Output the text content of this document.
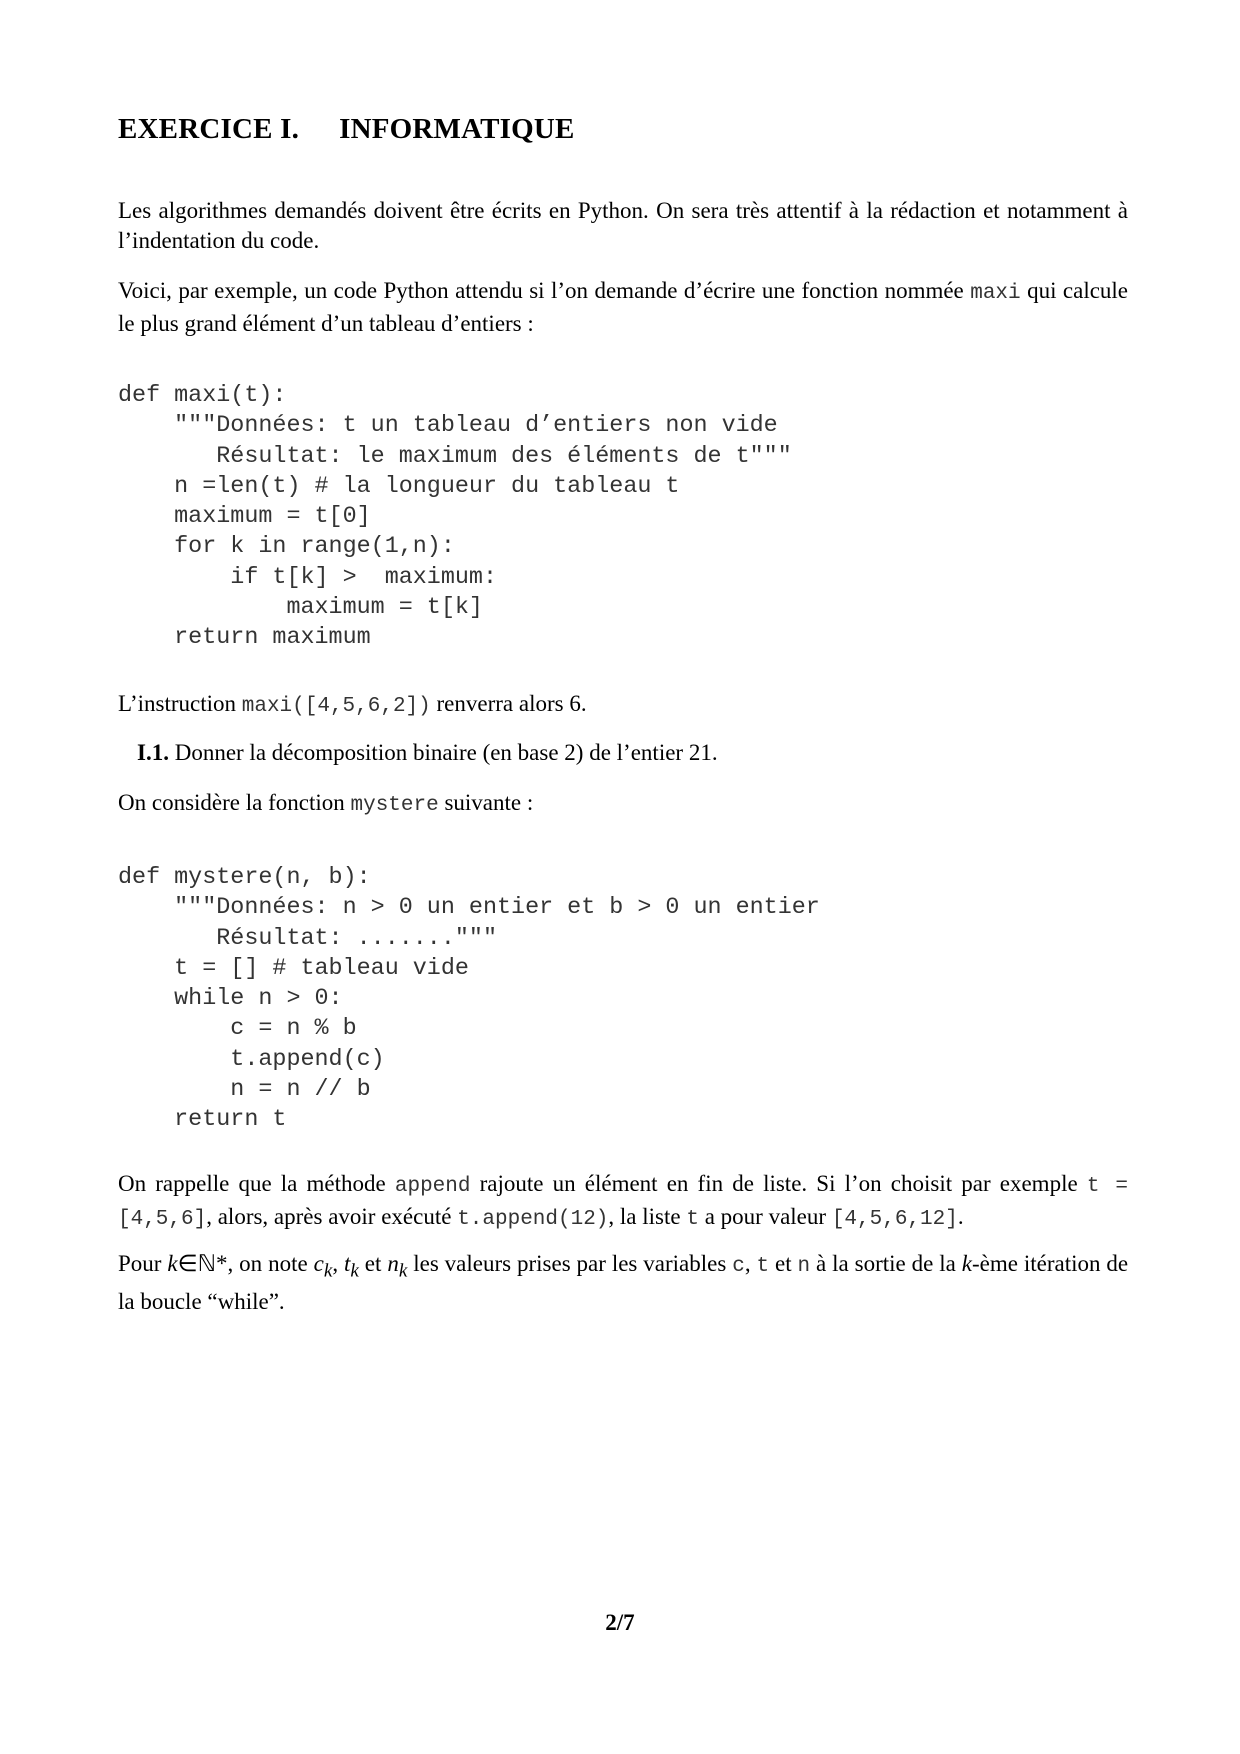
EXERCICE I. INFORMATIQUE

Les algorithmes demandés doivent être écrits en Python. On sera très attentif à la rédaction et notamment à l’indentation du code.

Voici, par exemple, un code Python attendu si l’on demande d’écrire une fonction nommée maxi qui calcule le plus grand élément d’un tableau d’entiers :

def maxi(t):
"""Données: t un tableau d’entiers non vide
Résultat: le maximum des éléments de t"""
n =len(t) # la longueur du tableau t
maximum = t[0]
for k in range(1,n):
if t[k] >  maximum:
maximum = t[k]
return maximum

L’instruction maxi([4,5,6,2]) renverra alors 6.

I.1. Donner la décomposition binaire (en base 2) de l’entier 21.

On considère la fonction mystere suivante :

def mystere(n, b):
"""Données: n > 0 un entier et b > 0 un entier
Résultat: ......."""
t = [] # tableau vide
while n > 0:
c = n % b
t.append(c)
n = n // b
return t

On rappelle que la méthode append rajoute un élément en fin de liste. Si l’on choisit par exemple t = [4,5,6], alors, après avoir exécuté t.append(12), la liste t a pour valeur [4,5,6,12].

Pour k∈ℕ*, on note $c_k$, $t_k$ et $n_k$ les valeurs prises par les variables c, t et n à la sortie de la k-ème itération de la boucle “while”.

2/7
